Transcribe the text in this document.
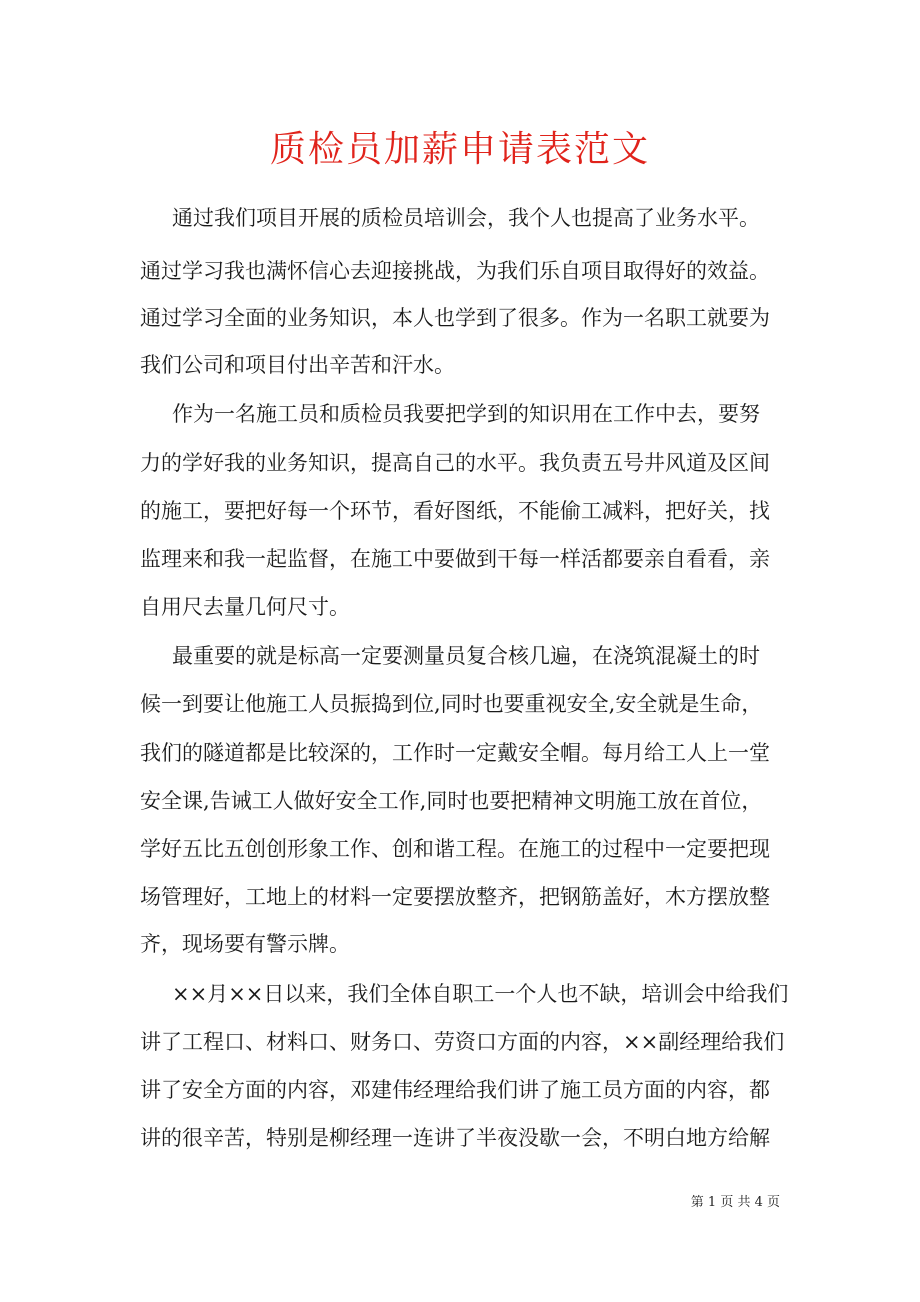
质检员加薪申请表范文
通过我们项目开展的质检员培训会，我个人也提高了业务水平。
通过学习我也满怀信心去迎接挑战，为我们乐自项目取得好的效益。
通过学习全面的业务知识，本人也学到了很多。作为一名职工就要为
我们公司和项目付出辛苦和汗水。
作为一名施工员和质检员我要把学到的知识用在工作中去，要努
力的学好我的业务知识，提高自己的水平。我负责五号井风道及区间
的施工，要把好每一个环节，看好图纸，不能偷工减料，把好关，找
监理来和我一起监督，在施工中要做到干每一样活都要亲自看看，亲
自用尺去量几何尺寸。
最重要的就是标高一定要测量员复合核几遍，在浇筑混凝土的时
候一到要让他施工人员振捣到位,同时也要重视安全,安全就是生命，
我们的隧道都是比较深的，工作时一定戴安全帽。每月给工人上一堂
安全课,告诫工人做好安全工作,同时也要把精神文明施工放在首位，
学好五比五创创形象工作、创和谐工程。在施工的过程中一定要把现
场管理好，工地上的材料一定要摆放整齐，把钢筋盖好，木方摆放整
齐，现场要有警示牌。
××月××日以来，我们全体自职工一个人也不缺，培训会中给我们
讲了工程口、材料口、财务口、劳资口方面的内容，××副经理给我们
讲了安全方面的内容，邓建伟经理给我们讲了施工员方面的内容，都
讲的很辛苦，特别是柳经理一连讲了半夜没歇一会，不明白地方给解
第 1 页 共 4 页
